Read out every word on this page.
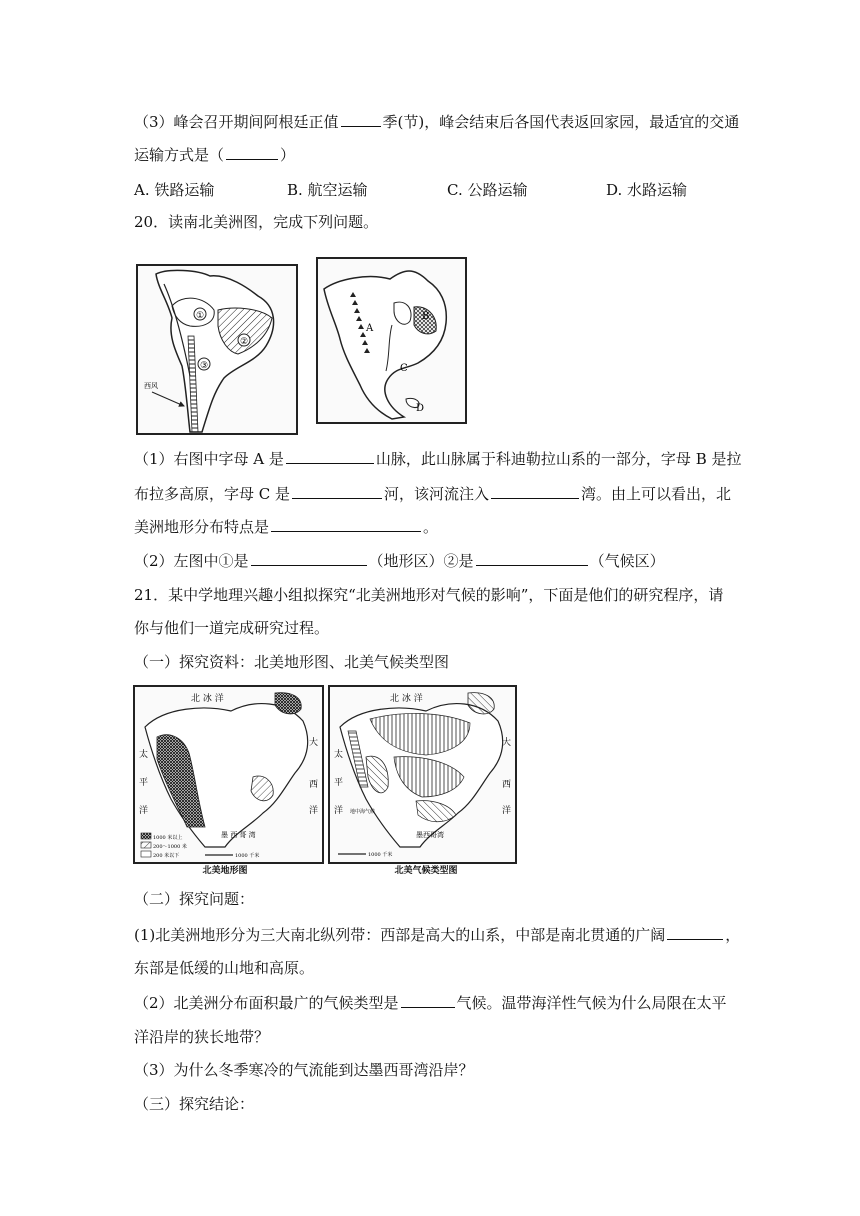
（3）峰会召开期间阿根廷正值	季(节)，峰会结束后各国代表返回家园，最适宜的交通
运输方式是（	）
A. 铁路运输	B. 航空运输	C. 公路运输	D. 水路运输
20．读南北美洲图，完成下列问题。
①
②
③
西风
A
B
C
D
（1）右图中字母 A 是	山脉，此山脉属于科迪勒拉山系的一部分，字母 B 是拉
布拉多高原，字母 C 是	河，该河流注入	湾。由上可以看出，北
美洲地形分布特点是	。
（2）左图中①是	（地形区）②是	（气候区）
21．某中学地理兴趣小组拟探究“北美洲地形对气候的影响”，下面是他们的研究程序，请
你与他们一道完成研究过程。
（一）探究资料：北美地形图、北美气候类型图
北 冰 洋
太
平
洋
大
西
洋
墨 西 哥 湾
1000 米以上
200～1000 米
200 米以下	1000 千米
北美地形图
北 冰 洋
太
平
洋
大
西
洋
地中海气候
墨西哥湾
1000 千米
北美气候类型图
（二）探究问题：
(1)北美洲地形分为三大南北纵列带：西部是高大的山系，中部是南北贯通的广阔	，
东部是低缓的山地和高原。
（2）北美洲分布面积最广的气候类型是	气候。温带海洋性气候为什么局限在太平
洋沿岸的狭长地带？
（3）为什么冬季寒冷的气流能到达墨西哥湾沿岸？
（三）探究结论：
